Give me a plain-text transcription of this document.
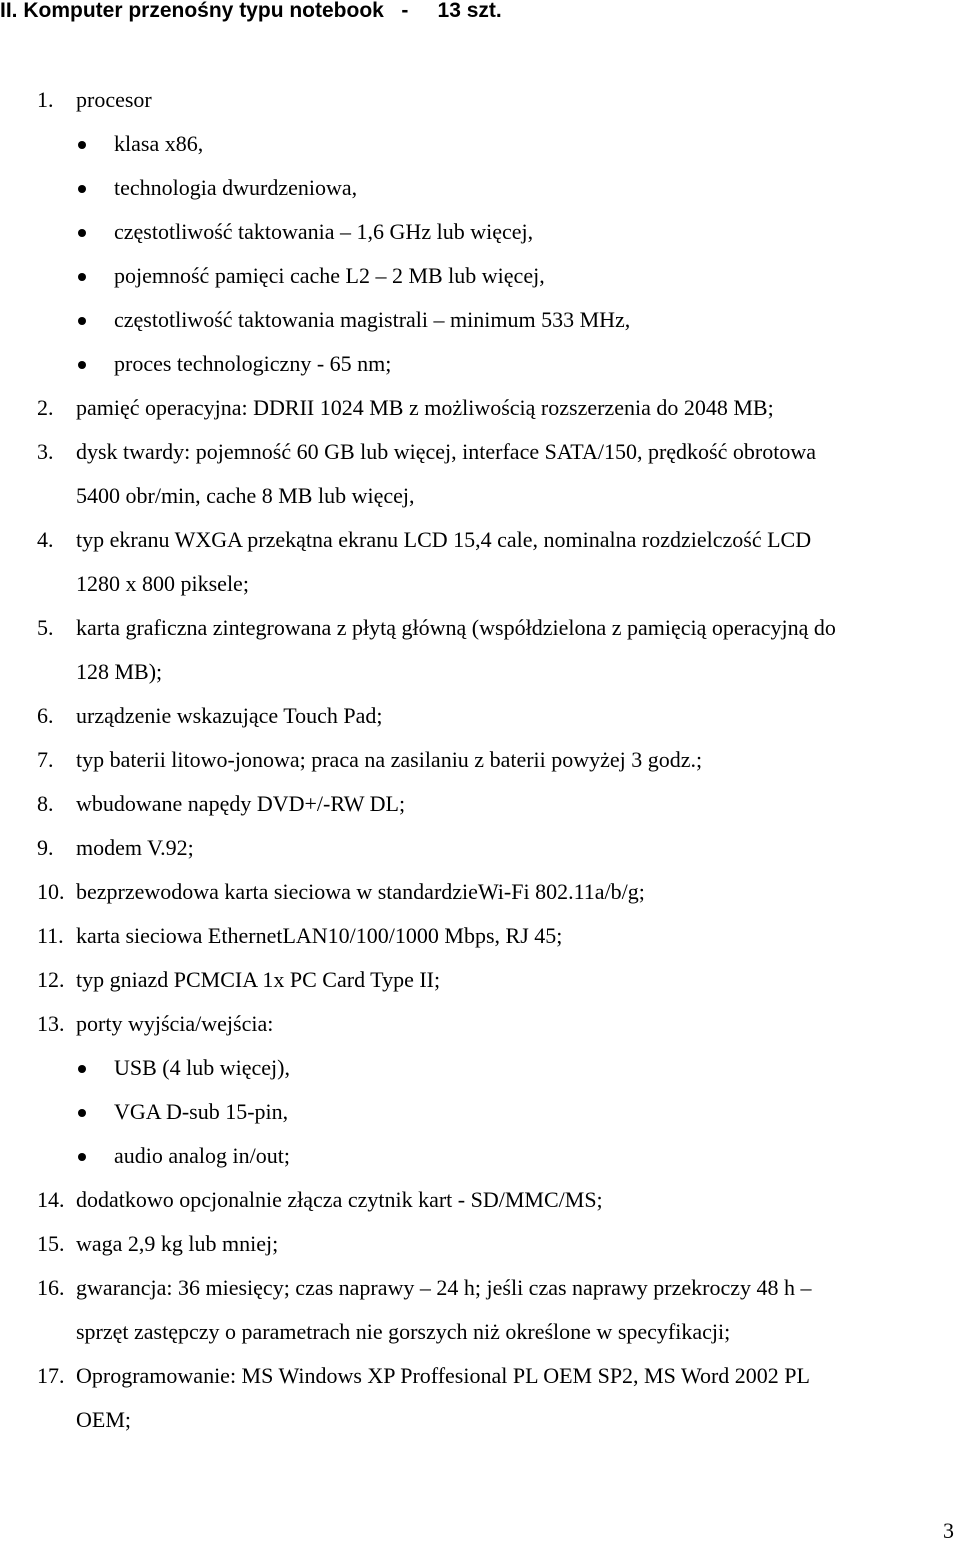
II. Komputer przenośny typu notebook   -     13 szt.
1. procesor
klasa x86,
technologia dwurdzeniowa,
częstotliwość taktowania – 1,6 GHz lub więcej,
pojemność pamięci cache L2 – 2 MB lub więcej,
częstotliwość taktowania magistrali – minimum 533 MHz,
proces technologiczny - 65 nm;
2. pamięć operacyjna: DDRII 1024 MB z możliwością rozszerzenia do 2048 MB;
3. dysk twardy: pojemność 60 GB lub więcej, interface SATA/150, prędkość obrotowa
5400 obr/min, cache 8 MB lub więcej,
4. typ ekranu WXGA przekątna ekranu LCD 15,4 cale, nominalna rozdzielczość LCD
1280 x 800 piksele;
5. karta graficzna zintegrowana z płytą główną (współdzielona z pamięcią operacyjną do
128 MB);
6. urządzenie wskazujące Touch Pad;
7. typ baterii litowo-jonowa; praca na zasilaniu z baterii powyżej 3 godz.;
8. wbudowane napędy DVD+/-RW DL;
9. modem V.92;
10. bezprzewodowa karta sieciowa w standardzieWi-Fi 802.11a/b/g;
11. karta sieciowa EthernetLAN10/100/1000 Mbps, RJ 45;
12. typ gniazd PCMCIA 1x PC Card Type II;
13. porty wyjścia/wejścia:
USB (4 lub więcej),
VGA D-sub 15-pin,
audio analog in/out;
14. dodatkowo opcjonalnie złącza czytnik kart - SD/MMC/MS;
15. waga 2,9 kg lub mniej;
16. gwarancja: 36 miesięcy; czas naprawy – 24 h; jeśli czas naprawy przekroczy 48 h –
sprzęt zastępczy o parametrach nie gorszych niż określone w specyfikacji;
17. Oprogramowanie: MS Windows XP Proffesional PL OEM SP2, MS Word 2002 PL
OEM;
3
